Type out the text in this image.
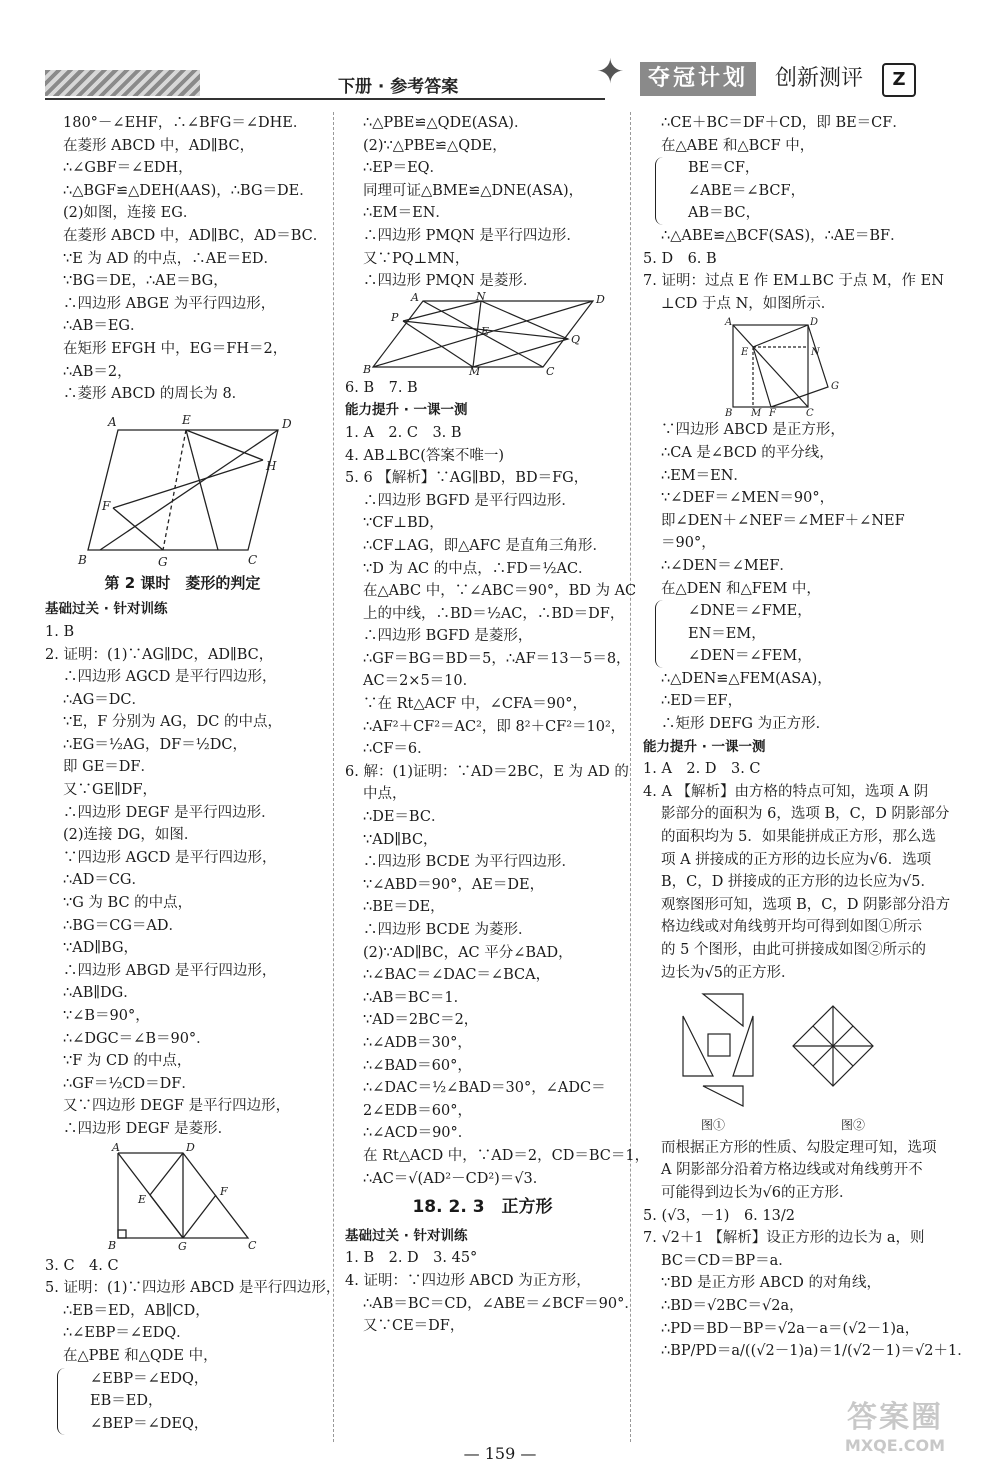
下册 · 参考答案	✦	夺冠计划	创新测评	Z
180°－∠EHF，∴∠BFG＝∠DHE．
在菱形 ABCD 中，AD∥BC，
∴∠GBF＝∠EDH，
∴△BGF≌△DEH(AAS)，∴BG＝DE．
(2)如图，连接 EG．
在菱形 ABCD 中，AD∥BC，AD＝BC．
∵E 为 AD 的中点，∴AE＝ED．
∵BG＝DE，∴AE＝BG，
∴四边形 ABGE 为平行四边形，
∴AB＝EG．
在矩形 EFGH 中，EG＝FH＝2，
∴AB＝2，
∴菱形 ABCD 的周长为 8．
A	E	D
H
F
B	G	C
第 2 课时　菱形的判定
基础过关 · 针对训练
1. B
2. 证明：(1)∵AG∥DC，AD∥BC，
∴四边形 AGCD 是平行四边形，
∴AG＝DC．
∵E，F 分别为 AG，DC 的中点，
∴EG＝½AG，DF＝½DC，
即 GE＝DF．
又∵GE∥DF，
∴四边形 DEGF 是平行四边形．
(2)连接 DG，如图．
∵四边形 AGCD 是平行四边形，
∴AD＝CG．
∵G 为 BC 的中点，
∴BG＝CG＝AD．
∵AD∥BG，
∴四边形 ABGD 是平行四边形，
∴AB∥DG．
∵∠B＝90°，
∴∠DGC＝∠B＝90°．
∵F 为 CD 的中点，
∴GF＝½CD＝DF．
又∵四边形 DEGF 是平行四边形，
∴四边形 DEGF 是菱形．
A	D
E
F
B	G	C
3. C　4. C
5. 证明：(1)∵四边形 ABCD 是平行四边形，
∴EB＝ED，AB∥CD，
∴∠EBP＝∠EDQ．
在△PBE 和△QDE 中，
∠EBP＝∠EDQ，
EB＝ED，
∠BEP＝∠DEQ，
∴△PBE≌△QDE(ASA)．
(2)∵△PBE≌△QDE，
∴EP＝EQ．
同理可证△BME≌△DNE(ASA)，
∴EM＝EN．
∴四边形 PMQN 是平行四边形．
又∵PQ⊥MN，
∴四边形 PMQN 是菱形．
A	N	D
P
E
Q
B	M	C
6. B　7. B
能力提升 · 一课一测
1. A　2. C　3. B
4. AB⊥BC(答案不唯一)
5. 6 【解析】∵AG∥BD，BD＝FG，
∴四边形 BGFD 是平行四边形．
∵CF⊥BD，
∴CF⊥AG，即△AFC 是直角三角形．
∵D 为 AC 的中点，∴FD＝½AC．
在△ABC 中，∵∠ABC＝90°，BD 为 AC
上的中线，∴BD＝½AC，∴BD＝DF，
∴四边形 BGFD 是菱形，
∴GF＝BG＝BD＝5，∴AF＝13－5＝8，
AC＝2×5＝10．
∵在 Rt△ACF 中，∠CFA＝90°，
∴AF²＋CF²＝AC²，即 8²＋CF²＝10²，
∴CF＝6．
6. 解：(1)证明：∵AD＝2BC，E 为 AD 的
中点，
∴DE＝BC．
∵AD∥BC，
∴四边形 BCDE 为平行四边形．
∵∠ABD＝90°，AE＝DE，
∴BE＝DE，
∴四边形 BCDE 为菱形．
(2)∵AD∥BC，AC 平分∠BAD，
∴∠BAC＝∠DAC＝∠BCA，
∴AB＝BC＝1．
∵AD＝2BC＝2，
∴∠ADB＝30°，
∴∠BAD＝60°，
∴∠DAC＝½∠BAD＝30°，∠ADC＝
2∠EDB＝60°，
∴∠ACD＝90°．
在 Rt△ACD 中，∵AD＝2，CD＝BC＝1，
∴AC＝√(AD²－CD²)＝√3．
18. 2. 3　正方形
基础过关 · 针对训练
1. B　2. D　3. 45°
4. 证明：∵四边形 ABCD 为正方形，
∴AB＝BC＝CD，∠ABE＝∠BCF＝90°．
又∵CE＝DF，
∴CE＋BC＝DF＋CD，即 BE＝CF．
在△ABE 和△BCF 中，
BE＝CF，
∠ABE＝∠BCF，
AB＝BC，
∴△ABE≌△BCF(SAS)，∴AE＝BF．
5. D　6. B
7. 证明：过点 E 作 EM⊥BC 于点 M，作 EN
⊥CD 于点 N，如图所示．
A	D
E	N
G
B M F	C
∵四边形 ABCD 是正方形，
∴CA 是∠BCD 的平分线，
∴EM＝EN．
∵∠DEF＝∠MEN＝90°，
即∠DEN＋∠NEF＝∠MEF＋∠NEF
＝90°，
∴∠DEN＝∠MEF．
在△DEN 和△FEM 中，
∠DNE＝∠FME，
EN＝EM，
∠DEN＝∠FEM，
∴△DEN≌△FEM(ASA)，
∴ED＝EF，
∴矩形 DEFG 为正方形．
能力提升 · 一课一测
1. A　2. D　3. C
4. A 【解析】由方格的特点可知，选项 A 阴
影部分的面积为 6，选项 B，C，D 阴影部分
的面积均为 5．如果能拼成正方形，那么选
项 A 拼接成的正方形的边长应为√6．选项
B，C，D 拼接成的正方形的边长应为√5．
观察图形可知，选项 B，C，D 阴影部分沿方
格边线或对角线剪开均可得到如图①所示
的 5 个图形，由此可拼接成如图②所示的
边长为√5的正方形．
图①	图②
而根据正方形的性质、勾股定理可知，选项
A 阴影部分沿着方格边线或对角线剪开不
可能得到边长为√6的正方形．
5. (√3，－1)　6. 13/2
7. √2＋1 【解析】设正方形的边长为 a，则
BC＝CD＝BP＝a．
∵BD 是正方形 ABCD 的对角线，
∴BD＝√2BC＝√2a，
∴PD＝BD－BP＝√2a－a＝(√2－1)a，
∴BP/PD＝a/((√2－1)a)＝1/(√2－1)＝√2＋1．
— 159 —
答案圈
MXQE.COM
